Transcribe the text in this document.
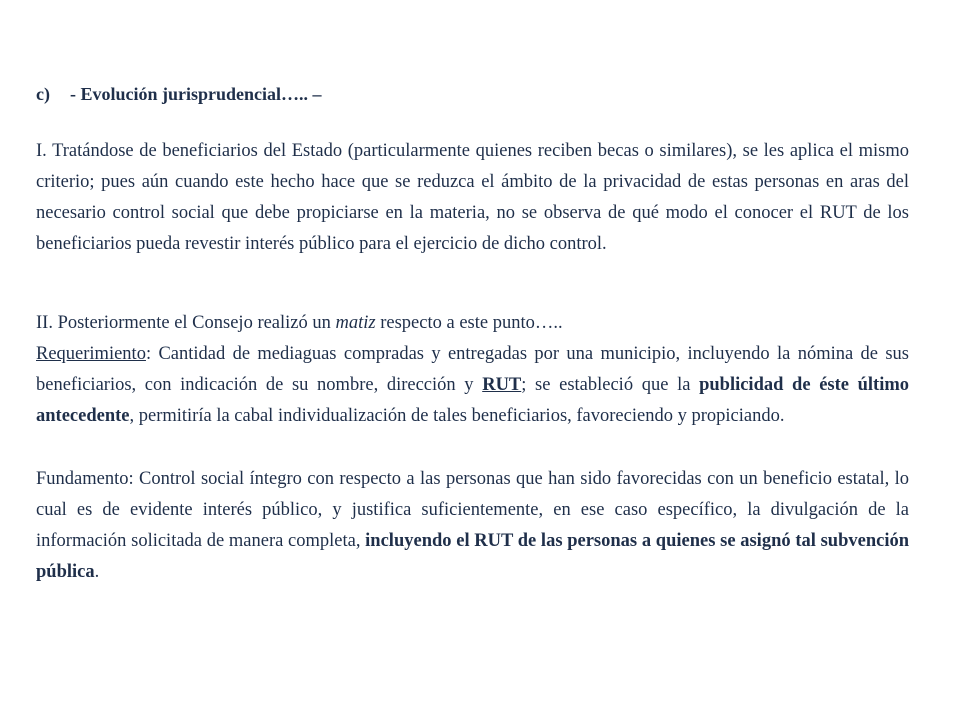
c) - Evolución jurisprudencial….. –

I. Tratándose de beneficiarios del Estado (particularmente quienes reciben becas o similares), se les aplica el mismo criterio; pues aún cuando este hecho hace que se reduzca el ámbito de la privacidad de estas personas en aras del necesario control social que debe propiciarse en la materia, no se observa de qué modo el conocer el RUT de los beneficiarios pueda revestir interés público para el ejercicio de dicho control.

II. Posteriormente el Consejo realizó un matiz respecto a este punto…..

Requerimiento: Cantidad de mediaguas compradas y entregadas por una municipio, incluyendo la nómina de sus beneficiarios, con indicación de su nombre, dirección y RUT; se estableció que la publicidad de éste último antecedente, permitiría la cabal individualización de tales beneficiarios, favoreciendo y propiciando.

Fundamento: Control social íntegro con respecto a las personas que han sido favorecidas con un beneficio estatal, lo cual es de evidente interés público, y justifica suficientemente, en ese caso específico, la divulgación de la información solicitada de manera completa, incluyendo el RUT de las personas a quienes se asignó tal subvención pública.
